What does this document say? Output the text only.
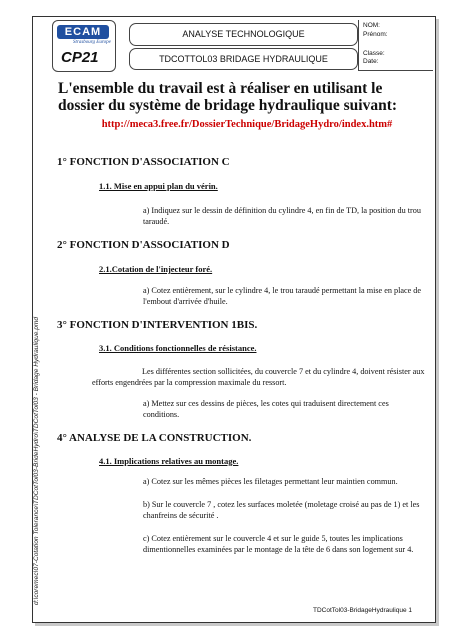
ECAM
Strasbourg Europe
CP21
ANALYSE TECHNOLOGIQUE
TDCOTTOL03 BRIDAGE HYDRAULIQUE
NOM:
Prénom:
Classe:
Date:
L'ensemble du travail est à réaliser en utilisant le dossier du système de bridage hydraulique suivant:
http://meca3.free.fr/DossierTechnique/BridageHydro/index.htm#
1° FONCTION D'ASSOCIATION C
1.1. Mise en appui plan du vérin.
a) Indiquez sur le dessin de définition du cylindre 4, en fin de TD, la position du trou taraudé.
2° FONCTION D'ASSOCIATION D
2.1.Cotation de l'injecteur foré.
a) Cotez entièrement, sur le cylindre 4, le trou taraudé permettant la mise en place de l'embout d'arrivée d'huile.
3° FONCTION D'INTERVENTION 1BIS.
3.1. Conditions fonctionnelles de résistance.
Les différentes section sollicitées, du couvercle 7 et du cylindre 4, doivent résister aux efforts engendrées par la compression maximale du ressort.
a) Mettez sur ces dessins de pièces, les cotes qui traduisent directement ces conditions.
4° ANALYSE DE LA CONSTRUCTION.
4.1. Implications relatives au montage.
a) Cotez sur les mêmes pièces les filetages permettant leur maintien commun.
b) Sur le couvercle 7 , cotez les surfaces moletée (moletage croisé au pas de 1) et les chanfreins de sécurité .
c) Cotez entièrement sur le couvercle 4 et sur le guide 5, toutes les implications dimentionnelles examinées par le montage de la tête de 6 dans son logement sur 4.
d:\coremec\07-Cotation Tolerance\TDCotTol03-BrideHydro\TDCotTol03 - Bridage Hydraulique.pmd
TDCotTol03-BridageHydraulique 1
